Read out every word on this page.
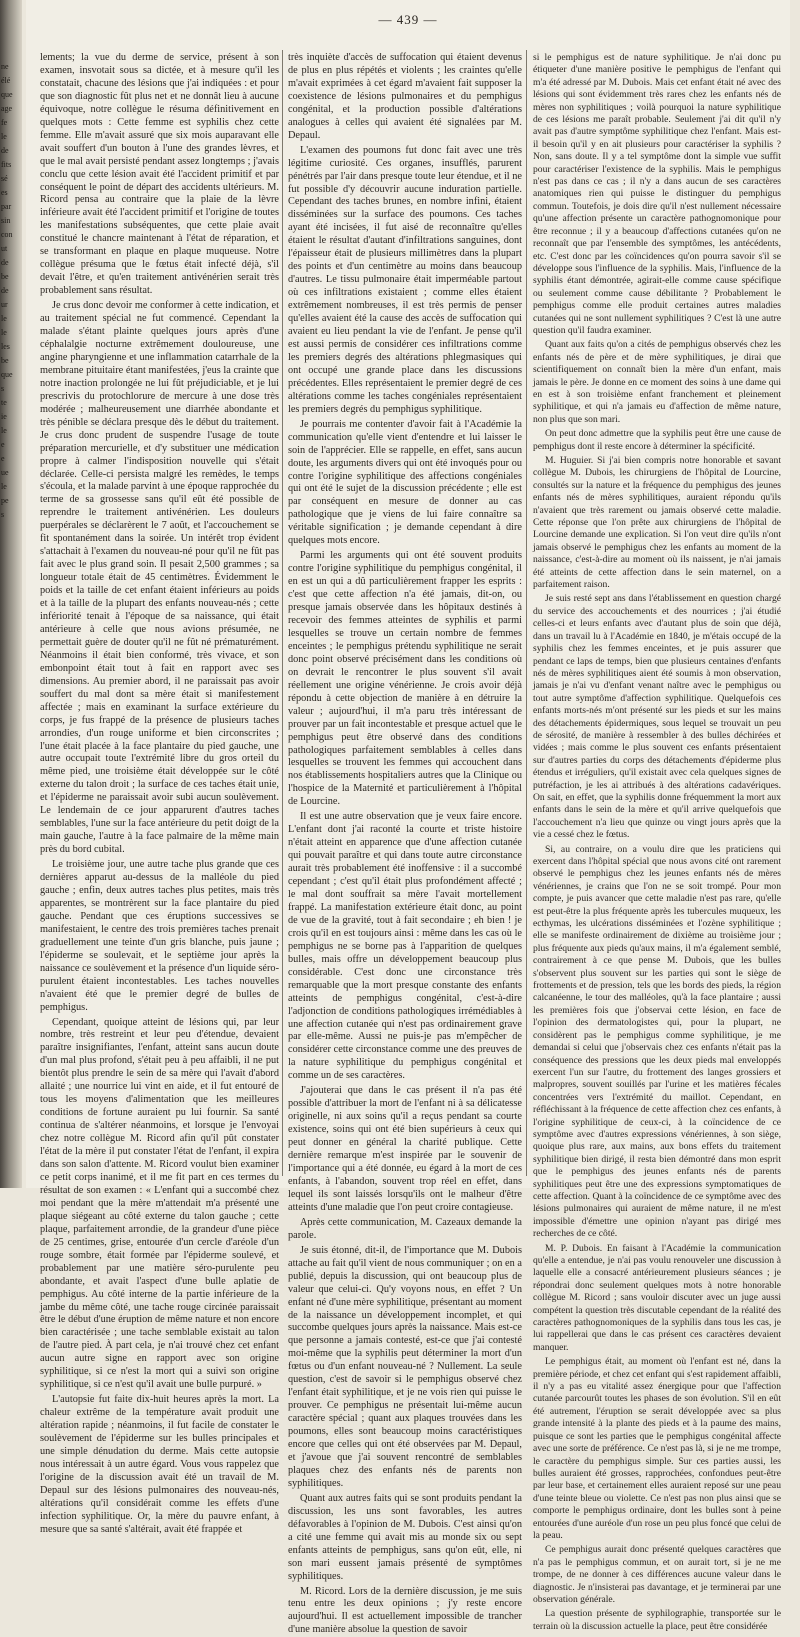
ne
élé
que
age
fe
le
de
fits
sé
es
par
sin
con
ut
de
be
de
ur
le
le
les
be
que
s
te
ie
le
e
e
ue
le
pe
s
— 439 —

lements; la vue du derme de service, présent à son examen, insvotait sous sa dictée, et à mesure qu'il les constatait, chacune des lésions que j'ai indiquées : et pour que son diagnostic fût plus net et ne donnât lieu à aucune équivoque, notre collègue le résuma définitivement en quelques mots : Cette femme est syphilis chez cette femme. Elle m'avait assuré que six mois auparavant elle avait souffert d'un bouton à l'une des grandes lèvres, et que le mal avait persisté pendant assez longtemps ; j'avais conclu que cette lésion avait été l'accident primitif et par conséquent le point de départ des accidents ultérieurs. M. Ricord pensa au contraire que la plaie de la lèvre inférieure avait été l'accident primitif et l'origine de toutes les manifestations subséquentes, que cette plaie avait constitué le chancre maintenant à l'état de réparation, et se transformant en plaque en plaque muqueuse. Notre collègue présuma que le fœtus était infecté déjà, s'il devait l'être, et qu'en traitement antivénérien serait très probablement sans résultat.

Je crus donc devoir me conformer à cette indication, et au traitement spécial ne fut commencé. Cependant la malade s'étant plainte quelques jours après d'une céphalalgie nocturne extrêmement douloureuse, une angine pharyngienne et une inflammation catarrhale de la membrane pituitaire étant manifestées, j'eus la crainte que notre inaction prolongée ne lui fût préjudiciable, et je lui prescrivis du protochlorure de mercure à une dose très modérée ; malheureusement une diarrhée abondante et très pénible se déclara presque dès le début du traitement. Je crus donc prudent de suspendre l'usage de toute préparation mercurielle, et d'y substituer une médication propre à calmer l'indisposition nouvelle qui s'était déclarée. Celle-ci persista malgré les remèdes, le temps s'écoula, et la malade parvint à une époque rapprochée du terme de sa grossesse sans qu'il eût été possible de reprendre le traitement antivénérien. Les douleurs puerpérales se déclarèrent le 7 août, et l'accouchement se fit spontanément dans la soirée. Un intérêt trop évident s'attachait à l'examen du nouveau-né pour qu'il ne fût pas fait avec le plus grand soin. Il pesait 2,500 grammes ; sa longueur totale était de 45 centimètres. Évidemment le poids et la taille de cet enfant étaient inférieurs au poids et à la taille de la plupart des enfants nouveau-nés ; cette infériorité tenait à l'époque de sa naissance, qui était antérieure à celle que nous avions présumée, ne permettait guère de douter qu'il ne fût né prématurément. Néanmoins il était bien conformé, très vivace, et son embonpoint était tout à fait en rapport avec ses dimensions. Au premier abord, il ne paraissait pas avoir souffert du mal dont sa mère était si manifestement affectée ; mais en examinant la surface extérieure du corps, je fus frappé de la présence de plusieurs taches arrondies, d'un rouge uniforme et bien circonscrites ; l'une était placée à la face plantaire du pied gauche, une autre occupait toute l'extrémité libre du gros orteil du même pied, une troisième était développée sur le côté externe du talon droit ; la surface de ces taches était unie, et l'épiderme ne paraissait avoir subi aucun soulèvement. Le lendemain de ce jour apparurent d'autres taches semblables, l'une sur la face antérieure du petit doigt de la main gauche, l'autre à la face palmaire de la même main près du bord cubital.

Le troisième jour, une autre tache plus grande que ces dernières apparut au-dessus de la malléole du pied gauche ; enfin, deux autres taches plus petites, mais très apparentes, se montrèrent sur la face plantaire du pied gauche. Pendant que ces éruptions successives se manifestaient, le centre des trois premières taches prenait graduellement une teinte d'un gris blanche, puis jaune ; l'épiderme se soulevait, et le septième jour après la naissance ce soulèvement et la présence d'un liquide séro-purulent étaient incontestables. Les taches nouvelles n'avaient été que le premier degré de bulles de pemphigus.

Cependant, quoique atteint de lésions qui, par leur nombre, très restreint et leur peu d'étendue, devaient paraître insignifiantes, l'enfant, atteint sans aucun doute d'un mal plus profond, s'était peu à peu affaibli, il ne put bientôt plus prendre le sein de sa mère qui l'avait d'abord allaité ; une nourrice lui vint en aide, et il fut entouré de tous les moyens d'alimentation que les meilleures conditions de fortune auraient pu lui fournir. Sa santé continua de s'altérer néanmoins, et lorsque je l'envoyai chez notre collègue M. Ricord afin qu'il pût constater l'état de la mère il put constater l'état de l'enfant, il expira dans son salon d'attente. M. Ricord voulut bien examiner ce petit corps inanimé, et il me fit part en ces termes du résultat de son examen : « L'enfant qui a succombé chez moi pendant que la mère m'attendait m'a présenté une plaque siégeant au côté externe du talon gauche ; cette plaque, parfaitement arrondie, de la grandeur d'une pièce de 25 centimes, grise, entourée d'un cercle d'aréole d'un rouge sombre, était formée par l'épiderme soulevé, et probablement par une matière séro-purulente peu abondante, et avait l'aspect d'une bulle aplatie de pemphigus. Au côté interne de la partie inférieure de la jambe du même côté, une tache rouge circinée paraissait être le début d'une éruption de même nature et non encore bien caractérisée ; une tache semblable existait au talon de l'autre pied. À part cela, je n'ai trouvé chez cet enfant aucun autre signe en rapport avec son origine syphilitique, si ce n'est la mort qui a suivi son origine syphilitique, si ce n'est qu'il avait une bulle purpuré. »

L'autopsie fut faite dix-huit heures après la mort. La chaleur extrême de la température avait produit une altération rapide ; néanmoins, il fut facile de constater le soulèvement de l'épiderme sur les bulles principales et une simple dénudation du derme. Mais cette autopsie nous intéressait à un autre égard. Vous vous rappelez que l'origine de la discussion avait été un travail de M. Depaul sur des lésions pulmonaires des nouveau-nés, altérations qu'il considérait comme les effets d'une infection syphilitique. Or, la mère du pauvre enfant, à mesure que sa santé s'altérait, avait été frappée et

très inquiète d'accès de suffocation qui étaient devenus de plus en plus répétés et violents ; les craintes qu'elle m'avait exprimées à cet égard m'avaient fait supposer la coexistence de lésions pulmonaires et du pemphigus congénital, et la production possible d'altérations analogues à celles qui avaient été signalées par M. Depaul.

L'examen des poumons fut donc fait avec une très légitime curiosité. Ces organes, insufflés, parurent pénétrés par l'air dans presque toute leur étendue, et il ne fut possible d'y découvrir aucune induration partielle. Cependant des taches brunes, en nombre infini, étaient disséminées sur la surface des poumons. Ces taches ayant été incisées, il fut aisé de reconnaître qu'elles étaient le résultat d'autant d'infiltrations sanguines, dont l'épaisseur était de plusieurs millimètres dans la plupart des points et d'un centimètre au moins dans beaucoup d'autres. Le tissu pulmonaire était imperméable partout où ces infiltrations existaient ; comme elles étaient extrêmement nombreuses, il est très permis de penser qu'elles avaient été la cause des accès de suffocation qui avaient eu lieu pendant la vie de l'enfant. Je pense qu'il est aussi permis de considérer ces infiltrations comme les premiers degrés des altérations phlegmasiques qui ont occupé une grande place dans les discussions précédentes. Elles représentaient le premier degré de ces altérations comme les taches congéniales représentaient les premiers degrés du pemphigus syphilitique.

Je pourrais me contenter d'avoir fait à l'Académie la communication qu'elle vient d'entendre et lui laisser le soin de l'apprécier. Elle se rappelle, en effet, sans aucun doute, les arguments divers qui ont été invoqués pour ou contre l'origine syphilitique des affections congéniales qui ont été le sujet de la discussion précédente ; elle est par conséquent en mesure de donner au cas pathologique que je viens de lui faire connaître sa véritable signification ; je demande cependant à dire quelques mots encore.

Parmi les arguments qui ont été souvent produits contre l'origine syphilitique du pemphigus congénital, il en est un qui a dû particulièrement frapper les esprits : c'est que cette affection n'a été jamais, dit-on, ou presque jamais observée dans les hôpitaux destinés à recevoir des femmes atteintes de syphilis et parmi lesquelles se trouve un certain nombre de femmes enceintes ; le pemphigus prétendu syphilitique ne serait donc point observé précisément dans les conditions où on devrait le rencontrer le plus souvent s'il avait réellement une origine vénérienne. Je crois avoir déjà répondu à cette objection de manière à en détruire la valeur ; aujourd'hui, il m'a paru très intéressant de prouver par un fait incontestable et presque actuel que le pemphigus peut être observé dans des conditions pathologiques parfaitement semblables à celles dans lesquelles se trouvent les femmes qui accouchent dans nos établissements hospitaliers autres que la Clinique ou l'hospice de la Maternité et particulièrement à l'hôpital de Lourcine.

Il est une autre observation que je veux faire encore. L'enfant dont j'ai raconté la courte et triste histoire n'était atteint en apparence que d'une affection cutanée qui pouvait paraître et qui dans toute autre circonstance aurait très probablement été inoffensive : il a succombé cependant ; c'est qu'il était plus profondément affecté ; le mal dont souffrait sa mère l'avait mortellement frappé. La manifestation extérieure était donc, au point de vue de la gravité, tout à fait secondaire ; eh bien ! je crois qu'il en est toujours ainsi : même dans les cas où le pemphigus ne se borne pas à l'apparition de quelques bulles, mais offre un développement beaucoup plus considérable. C'est donc une circonstance très remarquable que la mort presque constante des enfants atteints de pemphigus congénital, c'est-à-dire l'adjonction de conditions pathologiques irrémédiables à une affection cutanée qui n'est pas ordinairement grave par elle-même. Aussi ne puis-je pas m'empêcher de considérer cette circonstance comme une des preuves de la nature syphilitique du pemphigus congénital et comme un de ses caractères.

J'ajouterai que dans le cas présent il n'a pas été possible d'attribuer la mort de l'enfant ni à sa délicatesse originelle, ni aux soins qu'il a reçus pendant sa courte existence, soins qui ont été bien supérieurs à ceux qui peut donner en général la charité publique. Cette dernière remarque m'est inspirée par le souvenir de l'importance qui a été donnée, eu égard à la mort de ces enfants, à l'abandon, souvent trop réel en effet, dans lequel ils sont laissés lorsqu'ils ont le malheur d'être atteints d'une maladie que l'on peut croire contagieuse.

Après cette communication, M. Cazeaux demande la parole.

Je suis étonné, dit-il, de l'importance que M. Dubois attache au fait qu'il vient de nous communiquer ; on en a publié, depuis la discussion, qui ont beaucoup plus de valeur que celui-ci. Qu'y voyons nous, en effet ? Un enfant né d'une mère syphilitique, présentant au moment de la naissance un développement incomplet, et qui succombe quelques jours après la naissance. Mais est-ce que personne a jamais contesté, est-ce que j'ai contesté moi-même que la syphilis peut déterminer la mort d'un fœtus ou d'un enfant nouveau-né ? Nullement. La seule question, c'est de savoir si le pemphigus observé chez l'enfant était syphilitique, et je ne vois rien qui puisse le prouver. Ce pemphigus ne présentait lui-même aucun caractère spécial ; quant aux plaques trouvées dans les poumons, elles sont beaucoup moins caractéristiques encore que celles qui ont été observées par M. Depaul, et j'avoue que j'ai souvent rencontré de semblables plaques chez des enfants nés de parents non syphilitiques.

Quant aux autres faits qui se sont produits pendant la discussion, les uns sont favorables, les autres défavorables à l'opinion de M. Dubois. C'est ainsi qu'on a cité une femme qui avait mis au monde six ou sept enfants atteints de pemphigus, sans qu'on eût, elle, ni son mari eussent jamais présenté de symptômes syphilitiques.

M. Ricord. Lors de la dernière discussion, je me suis tenu entre les deux opinions ; j'y reste encore aujourd'hui. Il est actuellement impossible de trancher d'une manière absolue la question de savoir

si le pemphigus est de nature syphilitique. Je n'ai donc pu étiqueter d'une manière positive le pemphigus de l'enfant qui m'a été adressé par M. Dubois. Mais cet enfant était né avec des lésions qui sont évidemment très rares chez les enfants nés de mères non syphilitiques ; voilà pourquoi la nature syphilitique de ces lésions me paraît probable. Seulement j'ai dit qu'il n'y avait pas d'autre symptôme syphilitique chez l'enfant. Mais est-il besoin qu'il y en ait plusieurs pour caractériser la syphilis ? Non, sans doute. Il y a tel symptôme dont la simple vue suffit pour caractériser l'existence de la syphilis. Mais le pemphigus n'est pas dans ce cas ; il n'y a dans aucun de ses caractères anatomiques rien qui puisse le distinguer du pemphigus commun. Toutefois, je dois dire qu'il n'est nullement nécessaire qu'une affection présente un caractère pathognomonique pour être reconnue ; il y a beaucoup d'affections cutanées qu'on ne reconnaît que par l'ensemble des symptômes, les antécédents, etc. C'est donc par les coïncidences qu'on pourra savoir s'il se développe sous l'influence de la syphilis. Mais, l'influence de la syphilis étant démontrée, agirait-elle comme cause spécifique ou seulement comme cause débilitante ? Probablement le pemphigus comme elle produit certaines autres maladies cutanées qui ne sont nullement syphilitiques ? C'est là une autre question qu'il faudra examiner.

Quant aux faits qu'on a cités de pemphigus observés chez les enfants nés de père et de mère syphilitiques, je dirai que scientifiquement on connaît bien la mère d'un enfant, mais jamais le père. Je donne en ce moment des soins à une dame qui en est à son troisième enfant franchement et pleinement syphilitique, et qui n'a jamais eu d'affection de même nature, non plus que son mari.

On peut donc admettre que la syphilis peut être une cause de pemphigus dont il reste encore à déterminer la spécificité.

M. Huguier. Si j'ai bien compris notre honorable et savant collègue M. Dubois, les chirurgiens de l'hôpital de Lourcine, consultés sur la nature et la fréquence du pemphigus des jeunes enfants nés de mères syphilitiques, auraient répondu qu'ils n'avaient que très rarement ou jamais observé cette maladie. Cette réponse que l'on prête aux chirurgiens de l'hôpital de Lourcine demande une explication. Si l'on veut dire qu'ils n'ont jamais observé le pemphigus chez les enfants au moment de la naissance, c'est-à-dire au moment où ils naissent, je n'ai jamais été atteints de cette affection dans le sein maternel, on a parfaitement raison.

Je suis resté sept ans dans l'établissement en question chargé du service des accouchements et des nourrices ; j'ai étudié celles-ci et leurs enfants avec d'autant plus de soin que déjà, dans un travail lu à l'Académie en 1840, je m'étais occupé de la syphilis chez les femmes enceintes, et je puis assurer que pendant ce laps de temps, bien que plusieurs centaines d'enfants nés de mères syphilitiques aient été soumis à mon observation, jamais je n'ai vu d'enfant venant naître avec le pemphigus ou tout autre symptôme d'affection syphilitique. Quelquefois ces enfants morts-nés m'ont présenté sur les pieds et sur les mains des détachements épidermiques, sous lequel se trouvait un peu de sérosité, de manière à ressembler à des bulles déchirées et vidées ; mais comme le plus souvent ces enfants présentaient sur d'autres parties du corps des détachements d'épiderme plus étendus et irréguliers, qu'il existait avec cela quelques signes de putréfaction, je les ai attribués à des altérations cadavériques. On sait, en effet, que la syphilis donne fréquemment la mort aux enfants dans le sein de la mère et qu'il arrive quelquefois que l'accouchement n'a lieu que quinze ou vingt jours après que la vie a cessé chez le fœtus.

Si, au contraire, on a voulu dire que les praticiens qui exercent dans l'hôpital spécial que nous avons cité ont rarement observé le pemphigus chez les jeunes enfants nés de mères vénériennes, je crains que l'on ne se soit trompé. Pour mon compte, je puis avancer que cette maladie n'est pas rare, qu'elle est peut-être la plus fréquente après les tubercules muqueux, les ecthymas, les ulcérations disséminées et l'ozène syphilitique ; elle se manifeste ordinairement de dixième au troisième jour ; plus fréquente aux pieds qu'aux mains, il m'a également semblé, contrairement à ce que pense M. Dubois, que les bulles s'observent plus souvent sur les parties qui sont le siège de frottements et de pression, tels que les bords des pieds, la région calcanéenne, le tour des malléoles, qu'à la face plantaire ; aussi les premières fois que j'observai cette lésion, en face de l'opinion des dermatologistes qui, pour la plupart, ne considèrent pas le pemphigus comme syphilitique, je me demandai si celui que j'observais chez ces enfants n'était pas la conséquence des pressions que les deux pieds mal enveloppés exercent l'un sur l'autre, du frottement des langes grossiers et malpropres, souvent souillés par l'urine et les matières fécales concentrées vers l'extrémité du maillot. Cependant, en réfléchissant à la fréquence de cette affection chez ces enfants, à l'origine syphilitique de ceux-ci, à la coïncidence de ce symptôme avec d'autres expressions vénériennes, à son siège, quoique plus rare, aux mains, aux bons effets du traitement syphilitique bien dirigé, il resta bien démontré dans mon esprit que le pemphigus des jeunes enfants nés de parents syphilitiques peut être une des expressions symptomatiques de cette affection. Quant à la coïncidence de ce symptôme avec des lésions pulmonaires qui auraient de même nature, il ne m'est impossible d'émettre une opinion n'ayant pas dirigé mes recherches de ce côté.

M. P. Dubois. En faisant à l'Académie la communication qu'elle a entendue, je n'ai pas voulu renouveler une discussion à laquelle elle a consacré antérieurement plusieurs séances ; je répondrai donc seulement quelques mots à notre honorable collègue M. Ricord ; sans vouloir discuter avec un juge aussi compétent la question très discutable cependant de la réalité des caractères pathognomoniques de la syphilis dans tous les cas, je lui rappellerai que dans le cas présent ces caractères devaient manquer.

Le pemphigus était, au moment où l'enfant est né, dans la première période, et chez cet enfant qui s'est rapidement affaibli, il n'y a pas eu vitalité assez énergique pour que l'affection cutanée parcourût toutes les phases de son évolution. S'il en eût été autrement, l'éruption se serait développée avec sa plus grande intensité à la plante des pieds et à la paume des mains, puisque ce sont les parties que le pemphigus congénital affecte avec une sorte de préférence. Ce n'est pas là, si je ne me trompe, le caractère du pemphigus simple. Sur ces parties aussi, les bulles auraient été grosses, rapprochées, confondues peut-être par leur base, et certainement elles auraient reposé sur une peau d'une teinte bleue ou violette. Ce n'est pas non plus ainsi que se comporte le pemphigus ordinaire, dont les bulles sont à peine entourées d'une auréole d'un rose un peu plus foncé que celui de la peau.

Ce pemphigus aurait donc présenté quelques caractères que n'a pas le pemphigus commun, et on aurait tort, si je ne me trompe, de ne donner à ces différences aucune valeur dans le diagnostic. Je n'insisterai pas davantage, et je terminerai par une observation générale.

La question présente de syphilographie, transportée sur le terrain où la discussion actuelle la place, peut être considérée
